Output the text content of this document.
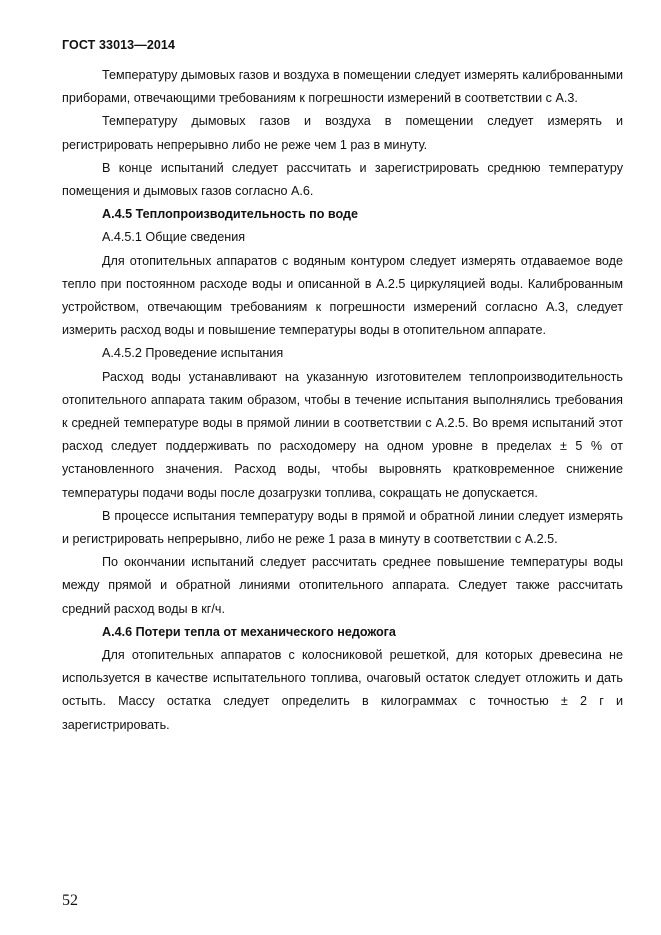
ГОСТ 33013—2014

Температуру дымовых газов и воздуха в помещении следует измерять калиброванными приборами, отвечающими требованиям к погрешности измерений в соответствии с А.3.

Температуру дымовых газов и воздуха в помещении следует измерять и регистрировать непрерывно либо не реже чем 1 раз в минуту.

В конце испытаний следует рассчитать и зарегистрировать среднюю температуру помещения и дымовых газов согласно А.6.

А.4.5 Теплопроизводительность по воде

А.4.5.1 Общие сведения

Для отопительных аппаратов с водяным контуром следует измерять отдаваемое воде тепло при постоянном расходе воды и описанной в А.2.5 циркуляцией воды. Калиброванным устройством, отвечающим требованиям к погрешности измерений согласно А.3, следует измерить расход воды и повышение температуры воды в отопительном аппарате.

А.4.5.2 Проведение испытания

Расход воды устанавливают на указанную изготовителем теплопроизводительность отопительного аппарата таким образом, чтобы в течение испытания выполнялись требования к средней температуре воды в прямой линии в соответствии с А.2.5. Во время испытаний этот расход следует поддерживать по расходомеру на одном уровне в пределах ± 5 % от установленного значения. Расход воды, чтобы выровнять кратковременное снижение температуры подачи воды после дозагрузки топлива, сокращать не допускается.

В процессе испытания температуру воды в прямой и обратной линии следует измерять и регистрировать непрерывно, либо не реже 1 раза в минуту в соответствии с А.2.5.

По окончании испытаний следует рассчитать среднее повышение температуры воды между прямой и обратной линиями отопительного аппарата. Следует также рассчитать средний расход воды в кг/ч.

А.4.6 Потери тепла от механического недожога

Для отопительных аппаратов с колосниковой решеткой, для которых древесина не используется в качестве испытательного топлива, очаговый остаток следует отложить и дать остыть. Массу остатка следует определить в килограммах с точностью ± 2 г и зарегистрировать.

52
